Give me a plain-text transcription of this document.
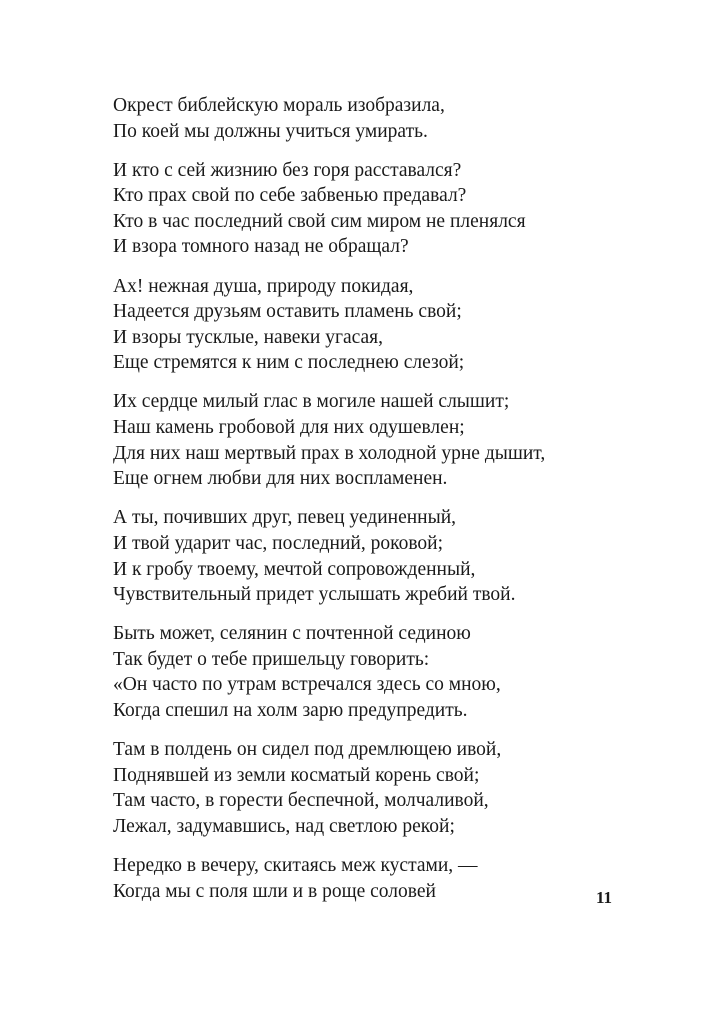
Окрест библейскую мораль изобразила,
По коей мы должны учиться умирать.
И кто с сей жизнию без горя расставался?
Кто прах свой по себе забвенью предавал?
Кто в час последний свой сим миром не пленялся
И взора томного назад не обращал?
Ах! нежная душа, природу покидая,
Надеется друзьям оставить пламень свой;
И взоры тусклые, навеки угасая,
Еще стремятся к ним с последнею слезой;
Их сердце милый глас в могиле нашей слышит;
Наш камень гробовой для них одушевлен;
Для них наш мертвый прах в холодной урне дышит,
Еще огнем любви для них воспламенен.
А ты, почивших друг, певец уединенный,
И твой ударит час, последний, роковой;
И к гробу твоему, мечтой сопровожденный,
Чувствительный придет услышать жребий твой.
Быть может, селянин с почтенной сединою
Так будет о тебе пришельцу говорить:
«Он часто по утрам встречался здесь со мною,
Когда спешил на холм зарю предупредить.
Там в полдень он сидел под дремлющею ивой,
Поднявшей из земли косматый корень свой;
Там часто, в горести беспечной, молчаливой,
Лежал, задумавшись, над светлою рекой;
Нередко в вечеру, скитаясь меж кустами, —
Когда мы с поля шли и в роще соловей	11
